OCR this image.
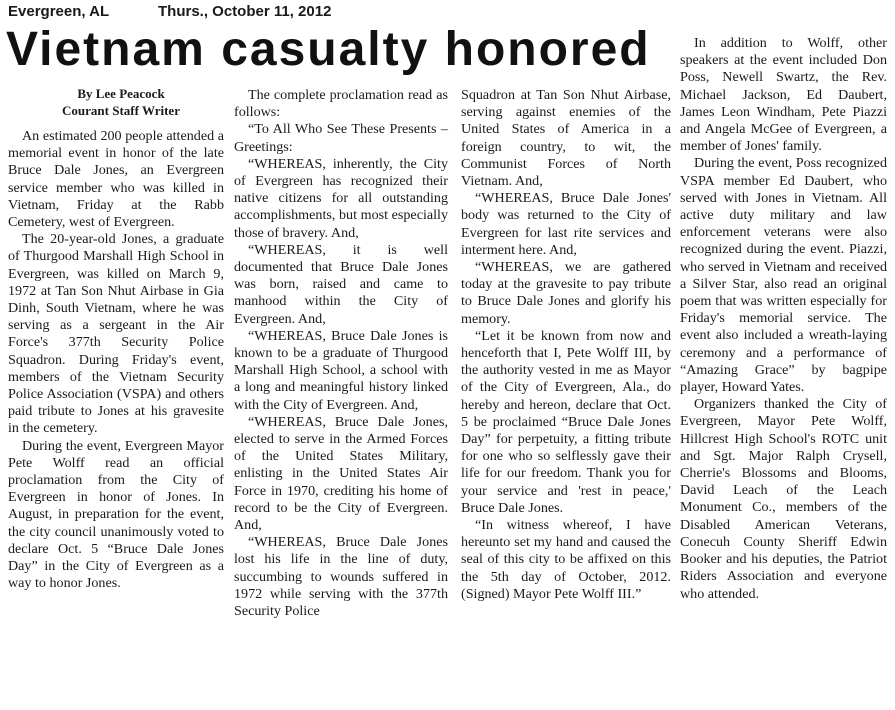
Evergreen, AL	Thurs., October 11, 2012
Vietnam casualty honored
By Lee Peacock
Courant Staff Writer

An estimated 200 people attended a memorial event in honor of the late Bruce Dale Jones, an Evergreen service member who was killed in Vietnam, Friday at the Rabb Cemetery, west of Evergreen.

The 20-year-old Jones, a graduate of Thurgood Marshall High School in Evergreen, was killed on March 9, 1972 at Tan Son Nhut Airbase in Gia Dinh, South Vietnam, where he was serving as a sergeant in the Air Force's 377th Security Police Squadron. During Friday's event, members of the Vietnam Security Police Association (VSPA) and others paid tribute to Jones at his gravesite in the cemetery.

During the event, Evergreen Mayor Pete Wolff read an official proclamation from the City of Evergreen in honor of Jones. In August, in preparation for the event, the city council unanimously voted to declare Oct. 5 “Bruce Dale Jones Day” in the City of Evergreen as a way to honor Jones.

The complete proclamation read as follows:

“To All Who See These Presents – Greetings:

“WHEREAS, inherently, the City of Evergreen has recognized their native citizens for all outstanding accomplishments, but most especially those of bravery. And,

“WHEREAS, it is well documented that Bruce Dale Jones was born, raised and came to manhood within the City of Evergreen. And,

“WHEREAS, Bruce Dale Jones is known to be a graduate of Thurgood Marshall High School, a school with a long and meaningful history linked with the City of Evergreen. And,

“WHEREAS, Bruce Dale Jones, elected to serve in the Armed Forces of the United States Military, enlisting in the United States Air Force in 1970, crediting his home of record to be the City of Evergreen. And,

“WHEREAS, Bruce Dale Jones lost his life in the line of duty, succumbing to wounds suffered in 1972 while serving with the 377th Security Police

Squadron at Tan Son Nhut Airbase, serving against enemies of the United States of America in a foreign country, to wit, the Communist Forces of North Vietnam. And,

“WHEREAS, Bruce Dale Jones' body was returned to the City of Evergreen for last rite services and interment here. And,

“WHEREAS, we are gathered today at the gravesite to pay tribute to Bruce Dale Jones and glorify his memory.

“Let it be known from now and henceforth that I, Pete Wolff III, by the authority vested in me as Mayor of the City of Evergreen, Ala., do hereby and hereon, declare that Oct. 5 be proclaimed “Bruce Dale Jones Day” for perpetuity, a fitting tribute for one who so selflessly gave their life for our freedom. Thank you for your service and 'rest in peace,' Bruce Dale Jones.

“In witness whereof, I have hereunto set my hand and caused the seal of this city to be affixed on this the 5th day of October, 2012. (Signed) Mayor Pete Wolff III.”

In addition to Wolff, other speakers at the event included Don Poss, Newell Swartz, the Rev. Michael Jackson, Ed Daubert, James Leon Windham, Pete Piazzi and Angela McGee of Evergreen, a member of Jones' family.

During the event, Poss recognized VSPA member Ed Daubert, who served with Jones in Vietnam. All active duty military and law enforcement veterans were also recognized during the event. Piazzi, who served in Vietnam and received a Silver Star, also read an original poem that was written especially for Friday's memorial service. The event also included a wreath-laying ceremony and a performance of “Amazing Grace” by bagpipe player, Howard Yates.

Organizers thanked the City of Evergreen, Mayor Pete Wolff, Hillcrest High School's ROTC unit and Sgt. Major Ralph Crysell, Cherrie's Blossoms and Blooms, David Leach of the Leach Monument Co., members of the Disabled American Veterans, Conecuh County Sheriff Edwin Booker and his deputies, the Patriot Riders Association and everyone who attended.
